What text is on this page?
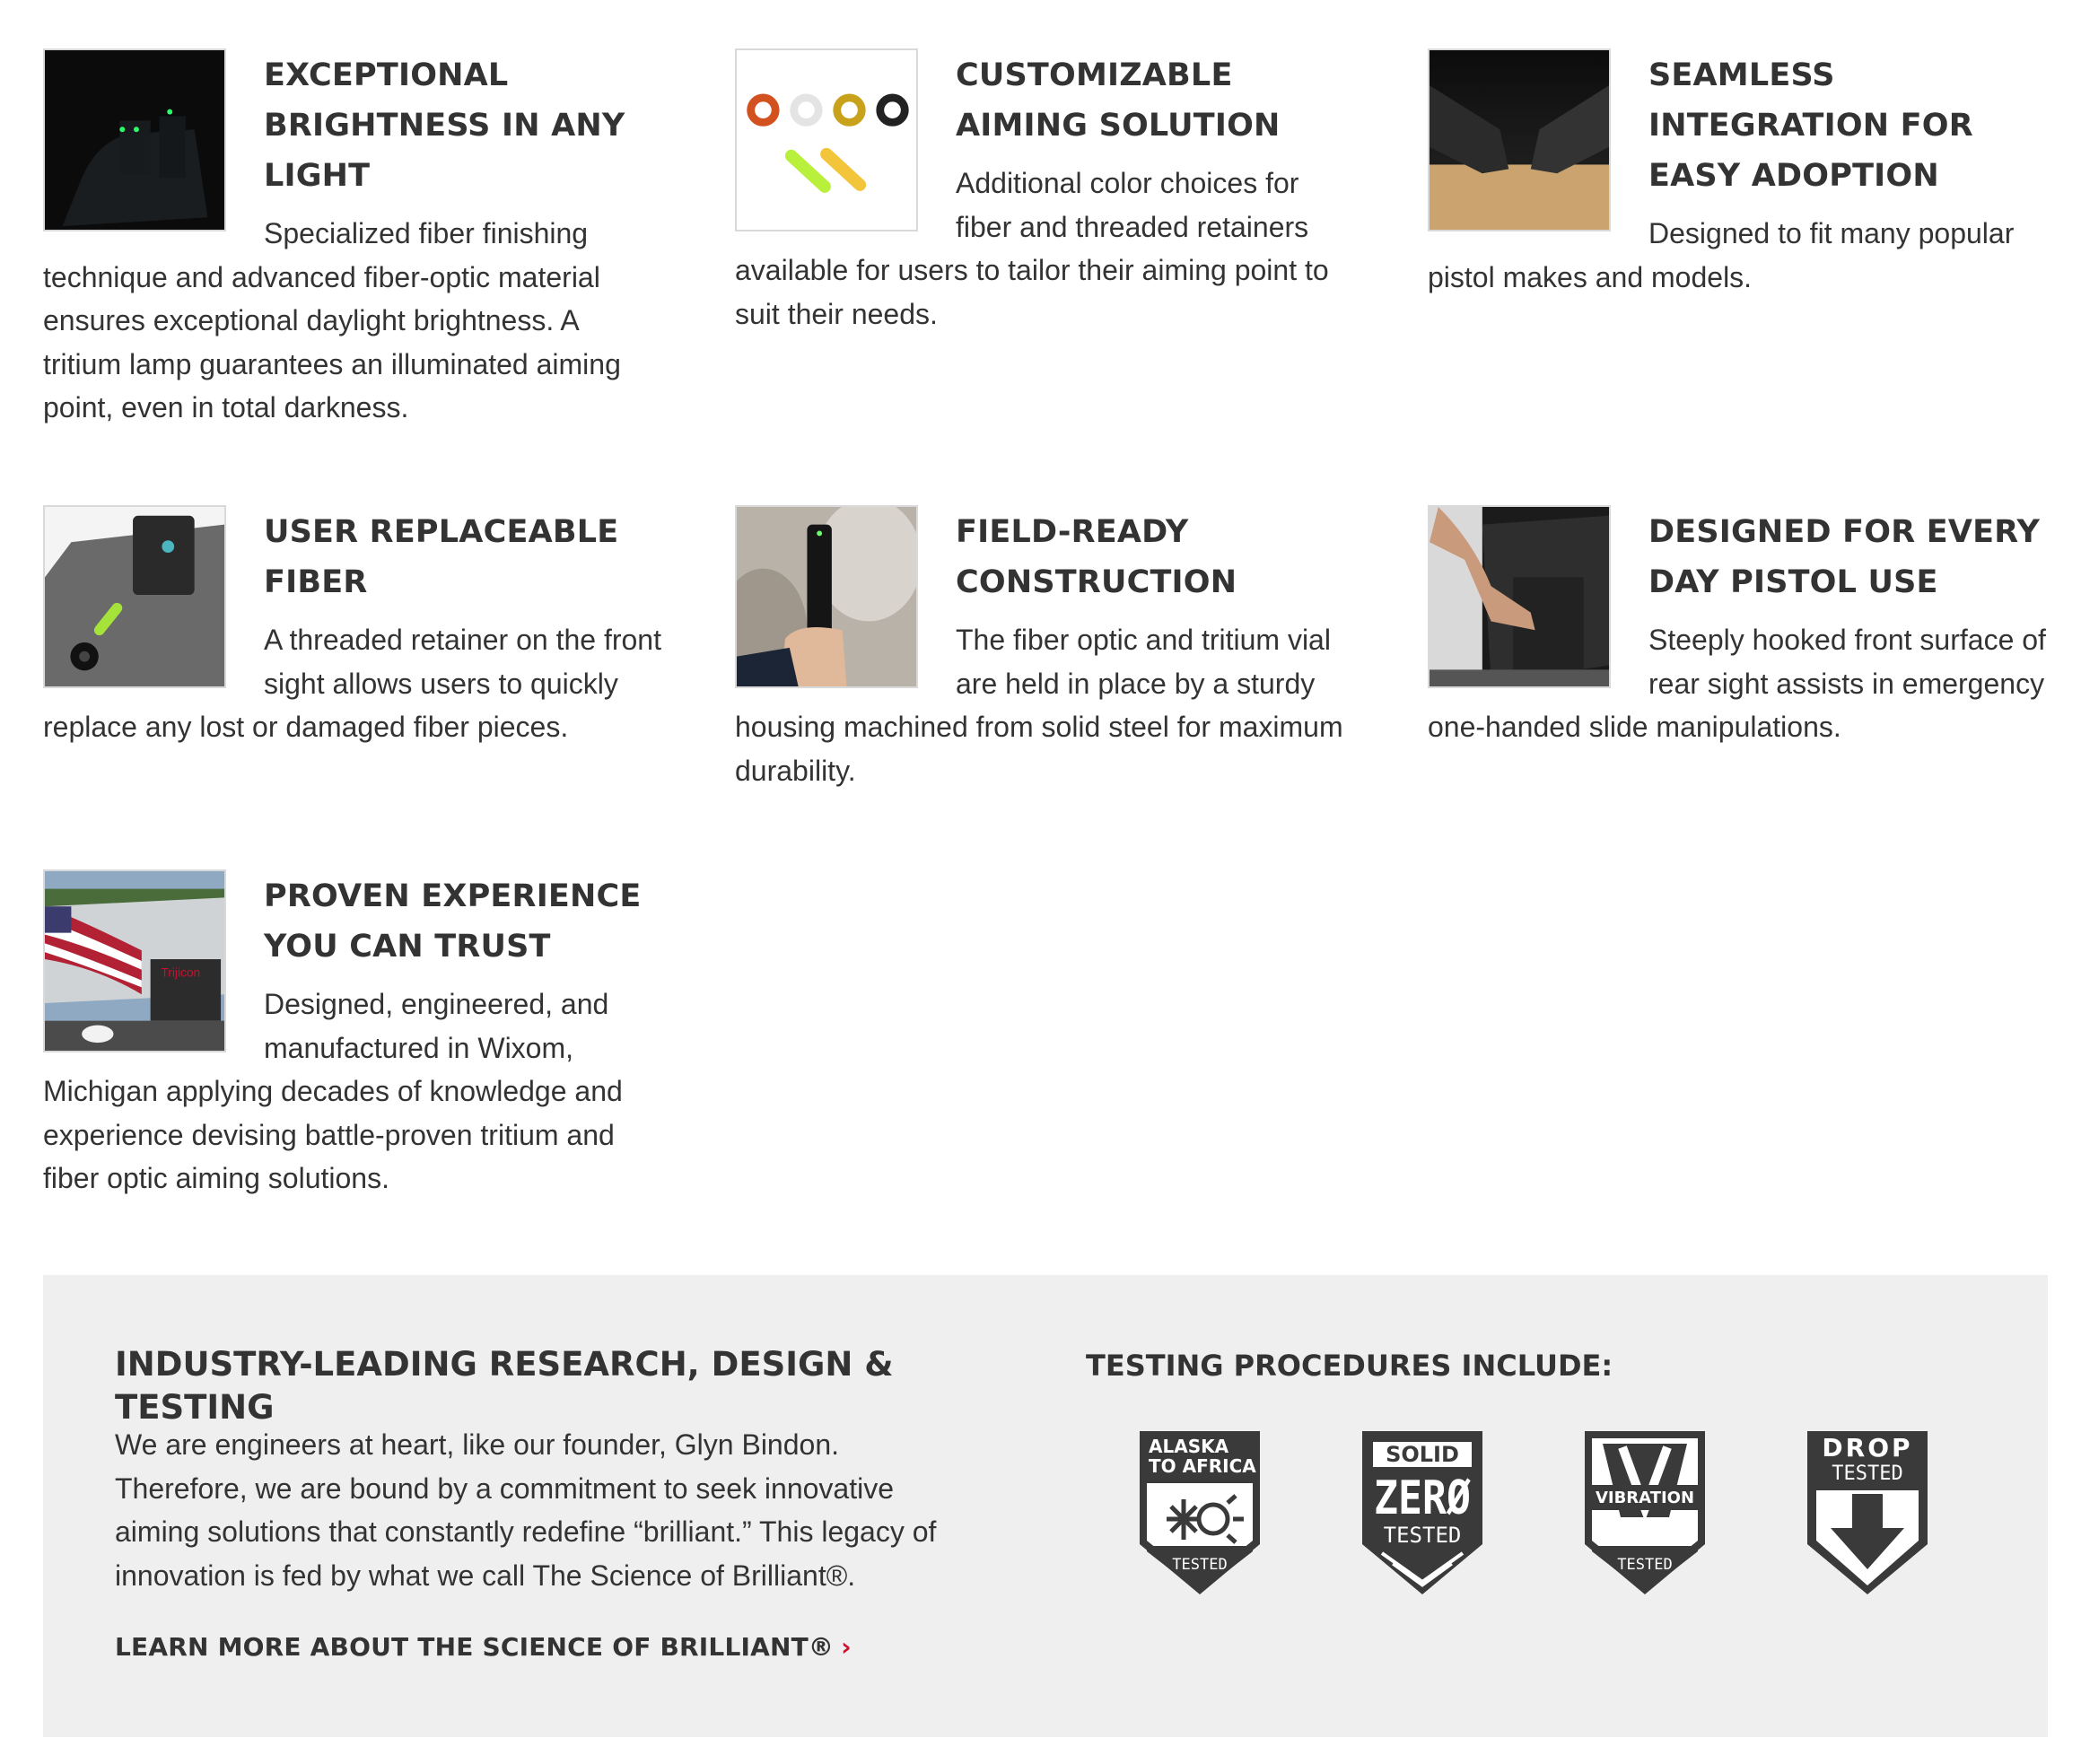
EXCEPTIONAL BRIGHTNESS IN ANY LIGHT

Specialized fiber finishing technique and advanced fiber-optic material ensures exceptional daylight brightness. A tritium lamp guarantees an illuminated aiming point, even in total darkness.

CUSTOMIZABLE AIMING SOLUTION

Additional color choices for fiber and threaded retainers available for users to tailor their aiming point to suit their needs.

SEAMLESS INTEGRATION FOR EASY ADOPTION

Designed to fit many popular pistol makes and models.

USER REPLACEABLE FIBER

A threaded retainer on the front sight allows users to quickly replace any lost or damaged fiber pieces.

FIELD-READY CONSTRUCTION

The fiber optic and tritium vial are held in place by a sturdy housing machined from solid steel for maximum durability.

DESIGNED FOR EVERY DAY PISTOL USE

Steeply hooked front surface of rear sight assists in emergency one-handed slide manipulations.

Trijicon
PROVEN EXPERIENCE YOU CAN TRUST

Designed, engineered, and manufactured in Wixom, Michigan applying decades of knowledge and experience devising battle-proven tritium and fiber optic aiming solutions.

INDUSTRY-LEADING RESEARCH, DESIGN & TESTING

We are engineers at heart, like our founder, Glyn Bindon. Therefore, we are bound by a commitment to seek innovative aiming solutions that constantly redefine “brilliant.” This legacy of innovation is fed by what we call The Science of Brilliant®.

LEARN MORE ABOUT THE SCIENCE OF BRILLIANT® ›
TESTING PROCEDURES INCLUDE:
ALASKA
TO AFRICA
TESTED
SOLID
ZERØ
TESTED
VIBRATION
TESTED
DROP
TESTED
